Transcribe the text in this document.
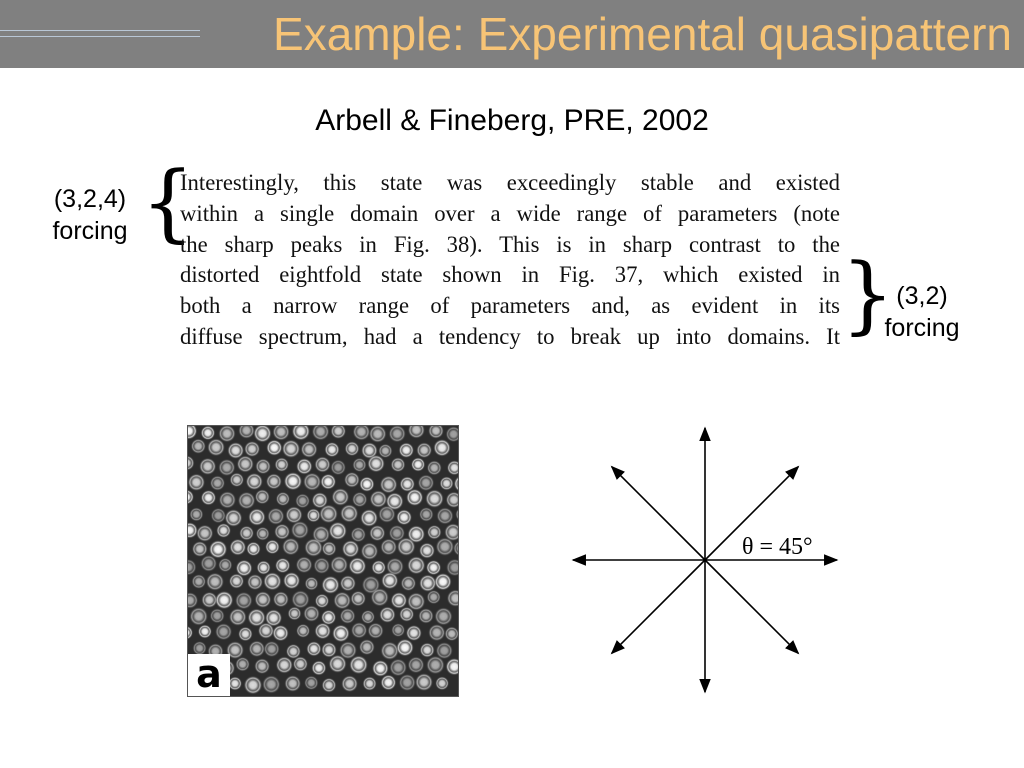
Example: Experimental quasipattern
Arbell & Fineberg, PRE, 2002
(3,2,4)
forcing {
Interestingly, this state was exceedingly stable and existed
within a single domain over a wide range of parameters (note
the sharp peaks in Fig. 38). This is in sharp contrast to the
distorted eightfold state shown in Fig. 37, which existed in
both a narrow range of parameters and, as evident in its
diffuse spectrum, had a tendency to break up into domains. It } (3,2)
forcing
a
θ = 45°
